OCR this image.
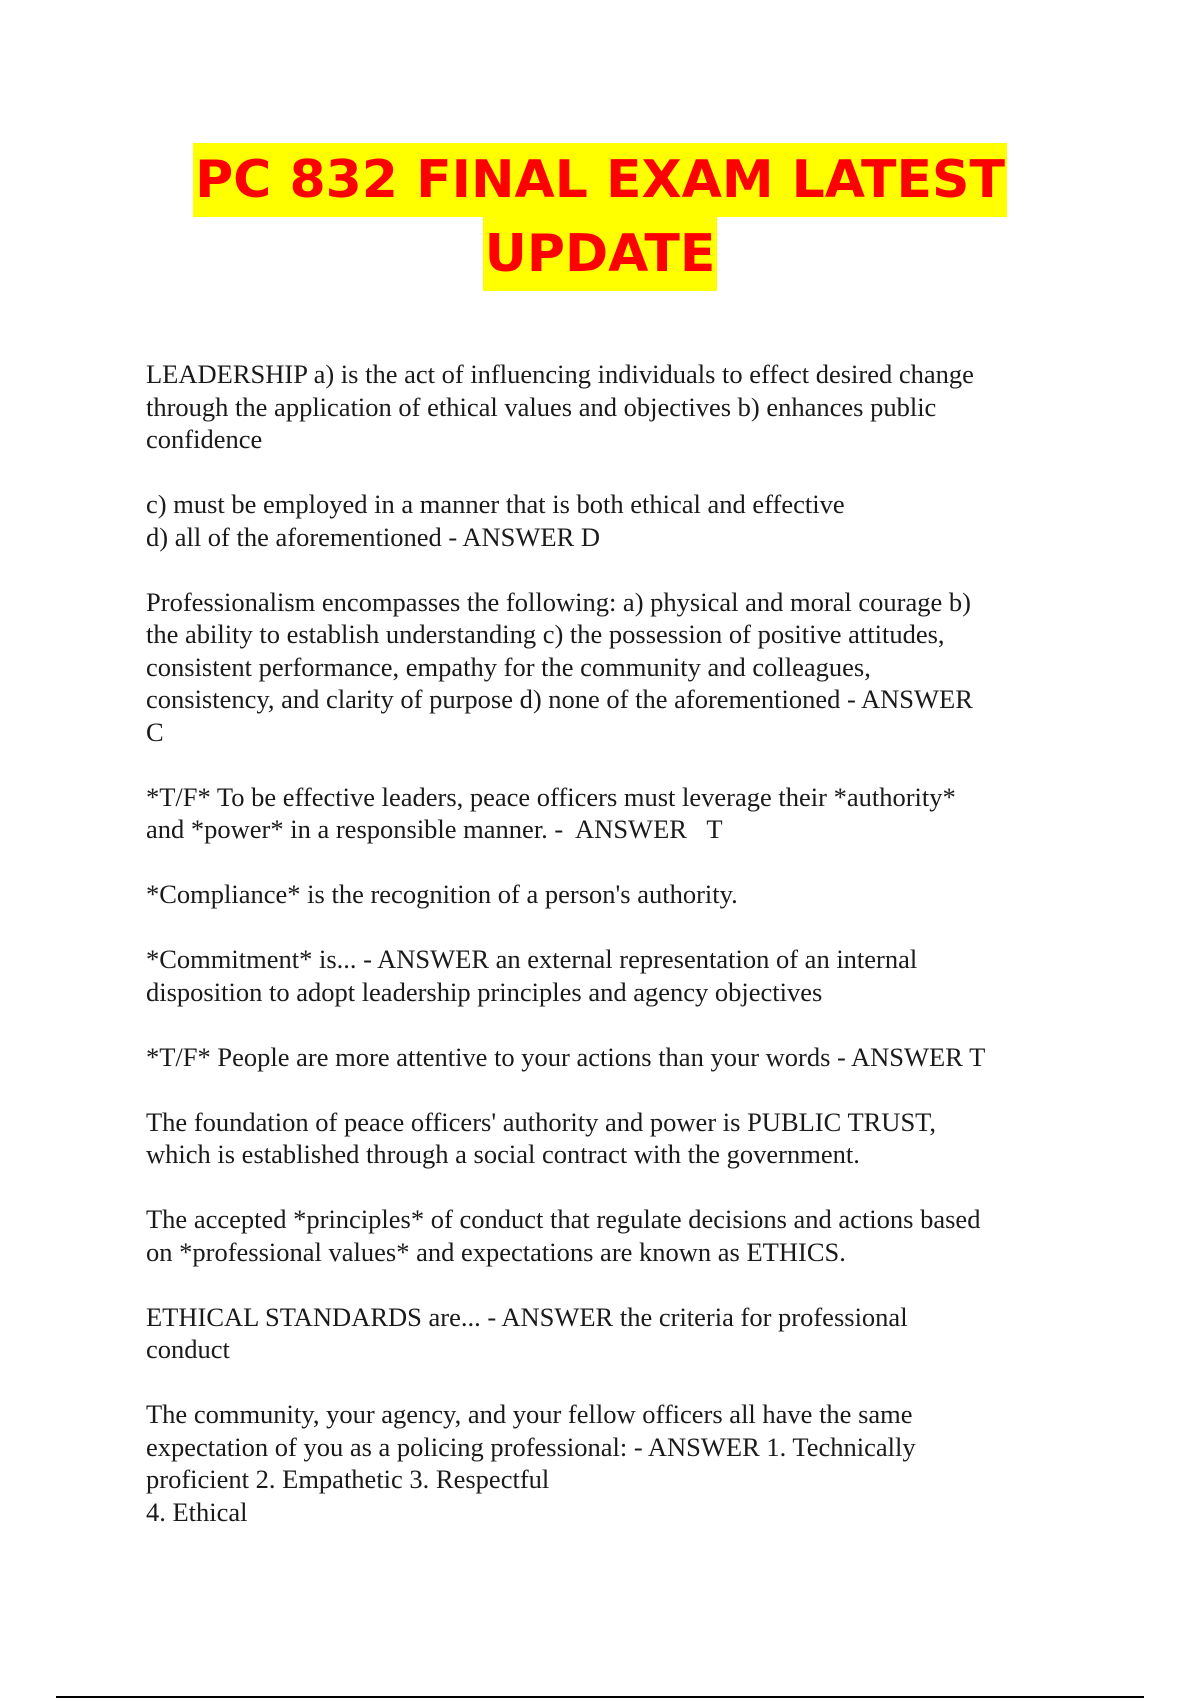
PC 832 FINAL EXAM LATEST
UPDATE

LEADERSHIP a) is the act of influencing individuals to effect desired change
through the application of ethical values and objectives b) enhances public
confidence

c) must be employed in a manner that is both ethical and effective
d) all of the aforementioned - ANSWER D

Professionalism encompasses the following: a) physical and moral courage b)
the ability to establish understanding c) the possession of positive attitudes,
consistent performance, empathy for the community and colleagues,
consistency, and clarity of purpose d) none of the aforementioned - ANSWER
C

*T/F* To be effective leaders, peace officers must leverage their *authority*
and *power* in a responsible manner. -  ANSWER   T

*Compliance* is the recognition of a person's authority.

*Commitment* is... - ANSWER an external representation of an internal
disposition to adopt leadership principles and agency objectives

*T/F* People are more attentive to your actions than your words - ANSWER T

The foundation of peace officers' authority and power is PUBLIC TRUST,
which is established through a social contract with the government.

The accepted *principles* of conduct that regulate decisions and actions based
on *professional values* and expectations are known as ETHICS.

ETHICAL STANDARDS are... - ANSWER the criteria for professional
conduct

The community, your agency, and your fellow officers all have the same
expectation of you as a policing professional: - ANSWER 1. Technically
proficient 2. Empathetic 3. Respectful
4. Ethical
